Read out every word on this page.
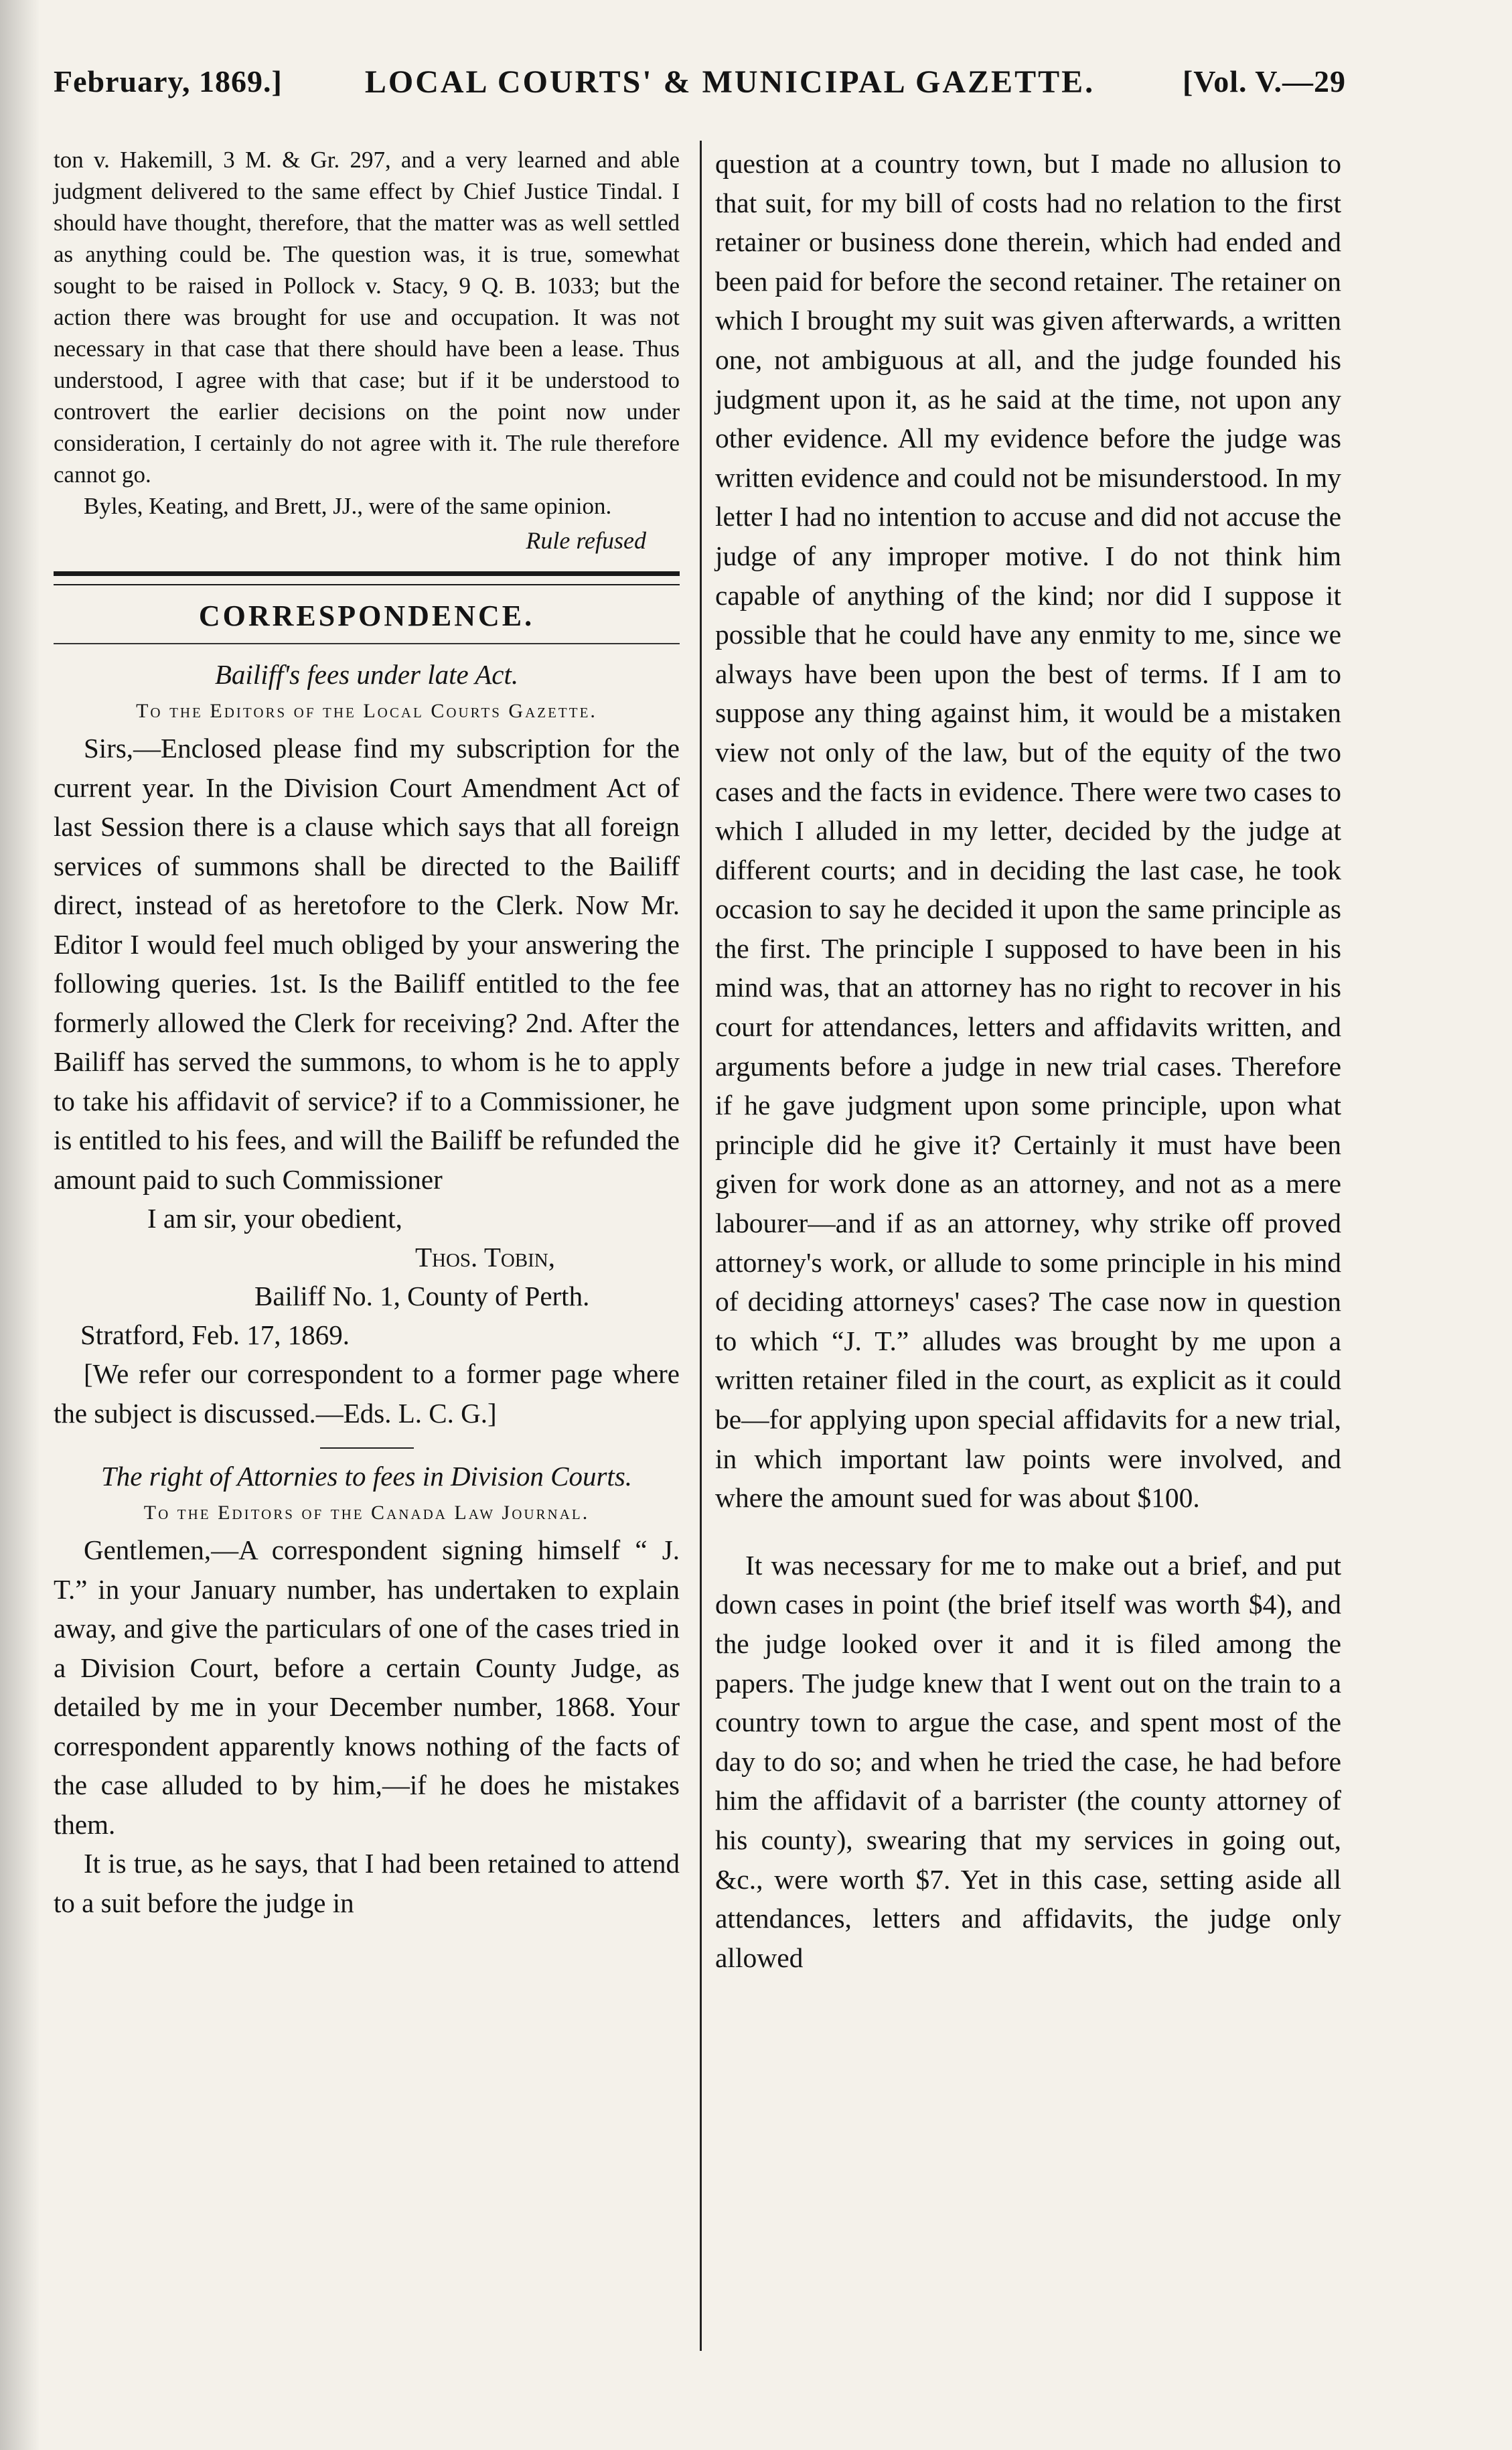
February, 1869.]	LOCAL COURTS' & MUNICIPAL GAZETTE.	[Vol. V.—29

ton v. Hakemill, 3 M. & Gr. 297, and a very learned and able judgment delivered to the same effect by Chief Justice Tindal. I should have thought, therefore, that the matter was as well settled as anything could be. The question was, it is true, somewhat sought to be raised in Pollock v. Stacy, 9 Q. B. 1033; but the action there was brought for use and occupation. It was not necessary in that case that there should have been a lease. Thus understood, I agree with that case; but if it be understood to controvert the earlier decisions on the point now under consideration, I certainly do not agree with it. The rule therefore cannot go.

Byles, Keating, and Brett, JJ., were of the same opinion.

Rule refused
CORRESPONDENCE.
Bailiff's fees under late Act.
To the Editors of the Local Courts Gazette.

Sirs,—Enclosed please find my subscription for the current year. In the Division Court Amendment Act of last Session there is a clause which says that all foreign services of summons shall be directed to the Bailiff direct, instead of as heretofore to the Clerk. Now Mr. Editor I would feel much obliged by your answering the following queries. 1st. Is the Bailiff entitled to the fee formerly allowed the Clerk for receiving? 2nd. After the Bailiff has served the summons, to whom is he to apply to take his affidavit of service? if to a Commissioner, he is entitled to his fees, and will the Bailiff be refunded the amount paid to such Commissioner

I am sir, your obedient,
Thos. Tobin,
Bailiff No. 1, County of Perth.
Stratford, Feb. 17, 1869.

[We refer our correspondent to a former page where the subject is discussed.—Eds. L. C. G.]

The right of Attornies to fees in Division Courts.
To the Editors of the Canada Law Journal.

Gentlemen,—A correspondent signing himself “ J. T.” in your January number, has undertaken to explain away, and give the particulars of one of the cases tried in a Division Court, before a certain County Judge, as detailed by me in your December number, 1868. Your correspondent apparently knows nothing of the facts of the case alluded to by him,—if he does he mistakes them.

It is true, as he says, that I had been retained to attend to a suit before the judge in

question at a country town, but I made no allusion to that suit, for my bill of costs had no relation to the first retainer or business done therein, which had ended and been paid for before the second retainer. The retainer on which I brought my suit was given afterwards, a written one, not ambiguous at all, and the judge founded his judgment upon it, as he said at the time, not upon any other evidence. All my evidence before the judge was written evidence and could not be misunderstood. In my letter I had no intention to accuse and did not accuse the judge of any improper motive. I do not think him capable of anything of the kind; nor did I suppose it possible that he could have any enmity to me, since we always have been upon the best of terms. If I am to suppose any thing against him, it would be a mistaken view not only of the law, but of the equity of the two cases and the facts in evidence. There were two cases to which I alluded in my letter, decided by the judge at different courts; and in deciding the last case, he took occasion to say he decided it upon the same principle as the first. The principle I supposed to have been in his mind was, that an attorney has no right to recover in his court for attendances, letters and affidavits written, and arguments before a judge in new trial cases. Therefore if he gave judgment upon some principle, upon what principle did he give it? Certainly it must have been given for work done as an attorney, and not as a mere labourer—and if as an attorney, why strike off proved attorney's work, or allude to some principle in his mind of deciding attorneys' cases? The case now in question to which “J. T.” alludes was brought by me upon a written retainer filed in the court, as explicit as it could be—for applying upon special affidavits for a new trial, in which important law points were involved, and where the amount sued for was about $100.

It was necessary for me to make out a brief, and put down cases in point (the brief itself was worth $4), and the judge looked over it and it is filed among the papers. The judge knew that I went out on the train to a country town to argue the case, and spent most of the day to do so; and when he tried the case, he had before him the affidavit of a barrister (the county attorney of his county), swearing that my services in going out, &c., were worth $7. Yet in this case, setting aside all attendances, letters and affidavits, the judge only allowed
